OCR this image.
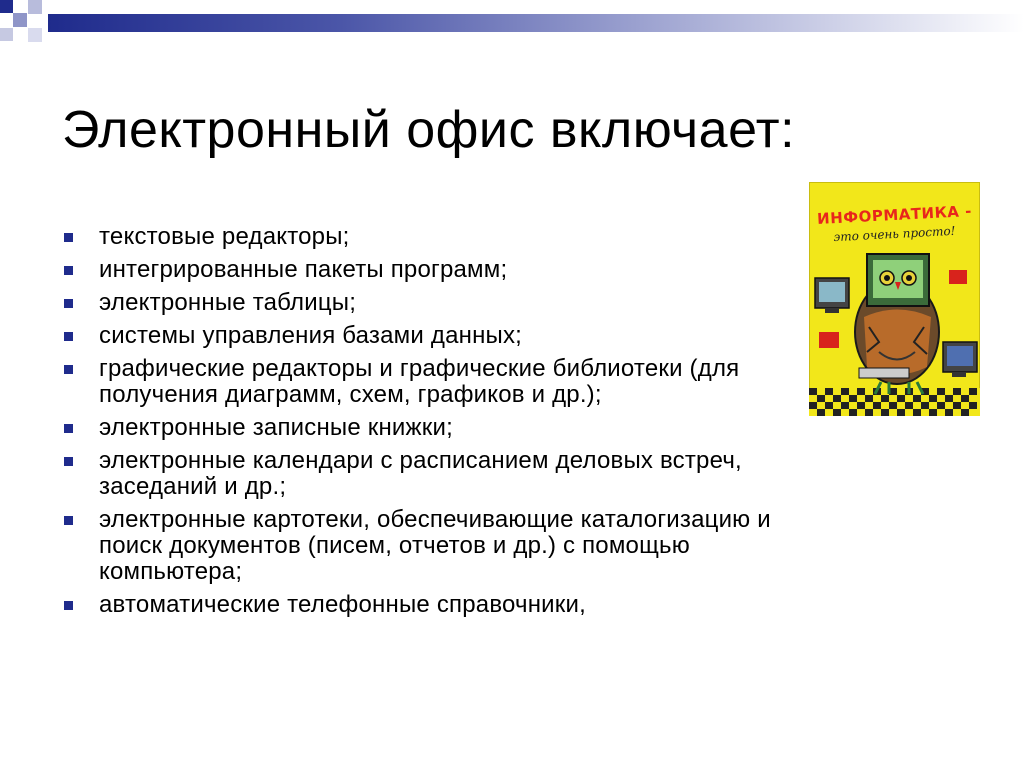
Электронный офис включает:
текстовые редакторы;
интегрированные пакеты программ;
электронные таблицы;
системы управления базами данных;
графические редакторы и графические библиотеки (для получения диаграмм, схем, графиков и др.);
электронные записные книжки;
электронные календари с расписанием деловых встреч, заседаний и др.;
электронные картотеки, обеспечивающие каталогизацию и поиск документов (писем, отчетов и др.) с помощью компьютера;
автоматические телефонные справочники,
ИНФОРМАТИКА -
это очень просто!
